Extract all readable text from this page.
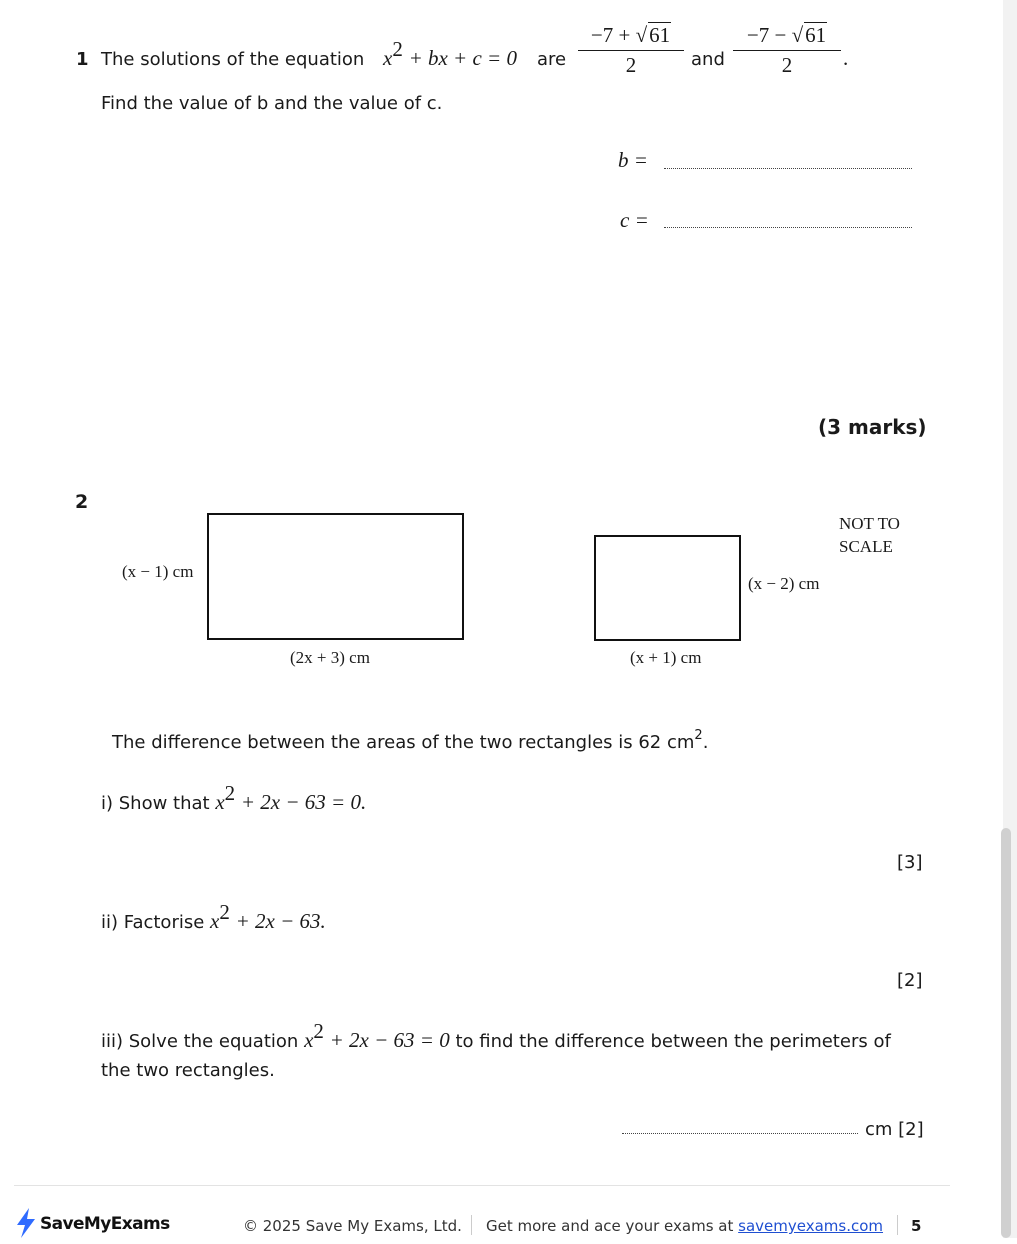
1 The solutions of the equation $x^2$ + bx + c = 0 are $\frac{-7 + √61}{2}$ and $\frac{-7 - √61}{2}$ .
Find the value of b and the value of c.
b =
c =
(3 marks)
2
(x − 1) cm
(2x + 3) cm
(x − 2) cm
(x + 1) cm
NOT TO
SCALE
The difference between the areas of the two rectangles is 62 $cm^2$.
i) Show that $x^2 + 2x - 63 = 0$.
[3]
ii) Factorise $x^2 + 2x - 63$.
[2]
iii) Solve the equation $x^2 + 2x - 63 = 0$ to find the difference between the perimeters of
the two rectangles.
cm [2]
SaveMyExams	© 2025 Save My Exams, Ltd. Get more and ace your exams at savemyexams.com 5
